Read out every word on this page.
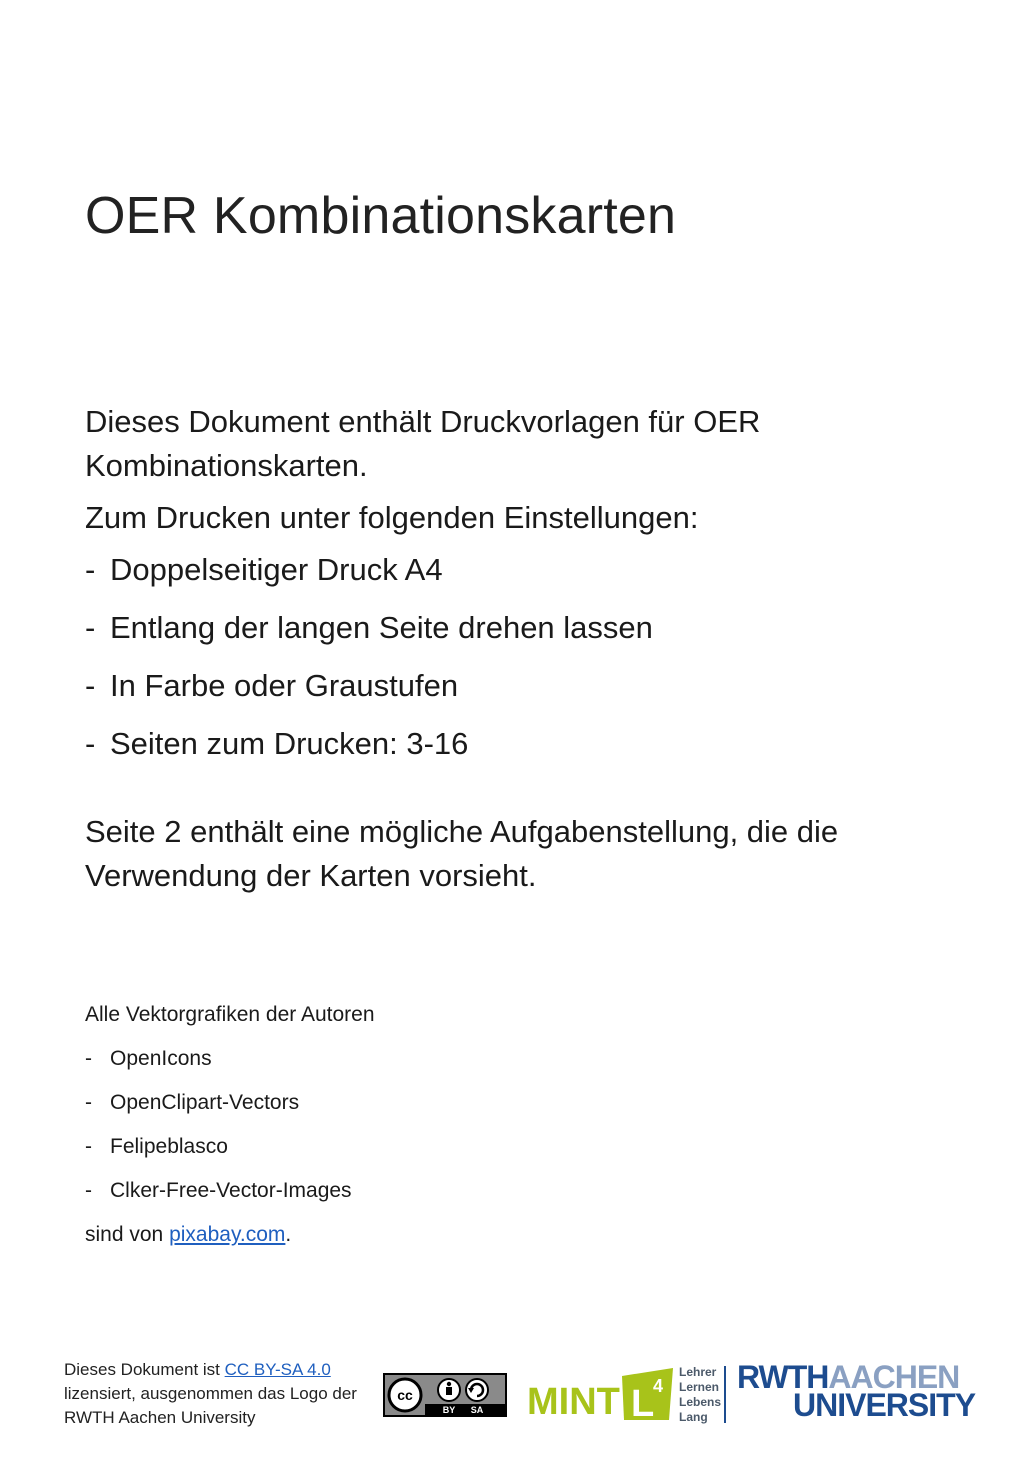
OER Kombinationskarten

Dieses Dokument enthält Druckvorlagen für OER Kombinationskarten.

Zum Drucken unter folgenden Einstellungen:

- Doppelseitiger Druck A4
- Entlang der langen Seite drehen lassen
- In Farbe oder Graustufen
- Seiten zum Drucken: 3-16

Seite 2 enthält eine mögliche Aufgabenstellung, die die Verwendung der Karten vorsieht.

Alle Vektorgrafiken der Autoren

- OpenIcons
- OpenClipart-Vectors
- Felipeblasco
- Clker-Free-Vector-Images

sind von pixabay.com.

Dieses Dokument ist CC BY-SA 4.0
lizensiert, ausgenommen das Logo der RWTH Aachen University
cc
BY SA MINT L
4
Lehrer
Lernen
Lebens
Lang
RWTHAACHEN
UNIVERSITY
